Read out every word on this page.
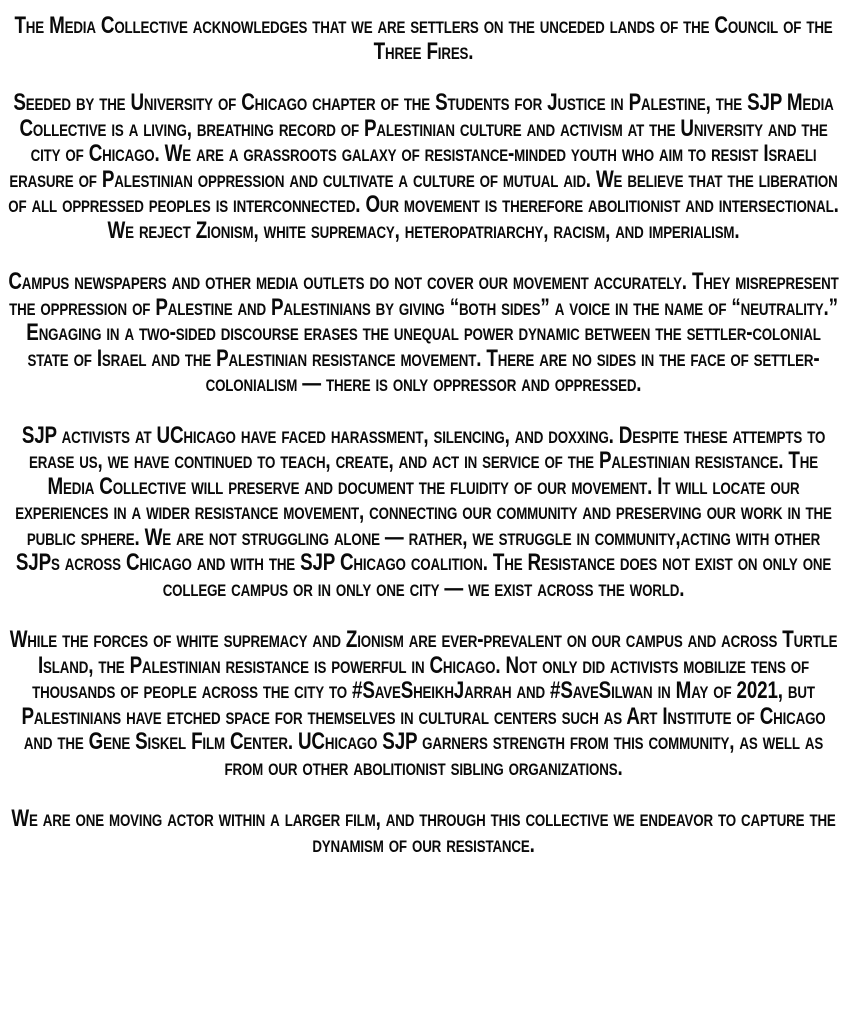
The Media Collective acknowledges that we are settlers on the unceded lands of the Council of the Three Fires.

Seeded by the University of Chicago chapter of the Students for Justice in Palestine, the SJP Media Collective is a living, breathing record of Palestinian culture and activism at the University and the city of Chicago. We are a grassroots galaxy of resistance-minded youth who aim to resist Israeli erasure of Palestinian oppression and cultivate a culture of mutual aid. We believe that the liberation of all oppressed peoples is interconnected. Our movement is therefore abolitionist and intersectional. We reject Zionism, white supremacy, heteropatriarchy, racism, and imperialism.

Campus newspapers and other media outlets do not cover our movement accurately. They misrepresent the oppression of Palestine and Palestinians by giving “both sides” a voice in the name of “neutrality.” Engaging in a two-sided discourse erases the unequal power dynamic between the settler-colonial state of Israel and the Palestinian resistance movement. There are no sides in the face of settler-colonialism — there is only oppressor and oppressed.

SJP activists at UChicago have faced harassment, silencing, and doxxing. Despite these attempts to erase us, we have continued to teach, create, and act in service of the Palestinian resistance. The Media Collective will preserve and document the fluidity of our movement. It will locate our experiences in a wider resistance movement, connecting our community and preserving our work in the public sphere. We are not struggling alone — rather, we struggle in community,acting with other SJPs across Chicago and with the SJP Chicago coalition. The Resistance does not exist on only one college campus or in only one city — we exist across the world.

While the forces of white supremacy and Zionism are ever-prevalent on our campus and across Turtle Island, the Palestinian resistance is powerful in Chicago. Not only did activists mobilize tens of thousands of people across the city to #SaveSheikhJarrah and #SaveSilwan in May of 2021, but Palestinians have etched space for themselves in cultural centers such as Art Institute of Chicago and the Gene Siskel Film Center. UChicago SJP garners strength from this community, as well as from our other abolitionist sibling organizations.

We are one moving actor within a larger film, and through this collective we endeavor to capture the dynamism of our resistance.
